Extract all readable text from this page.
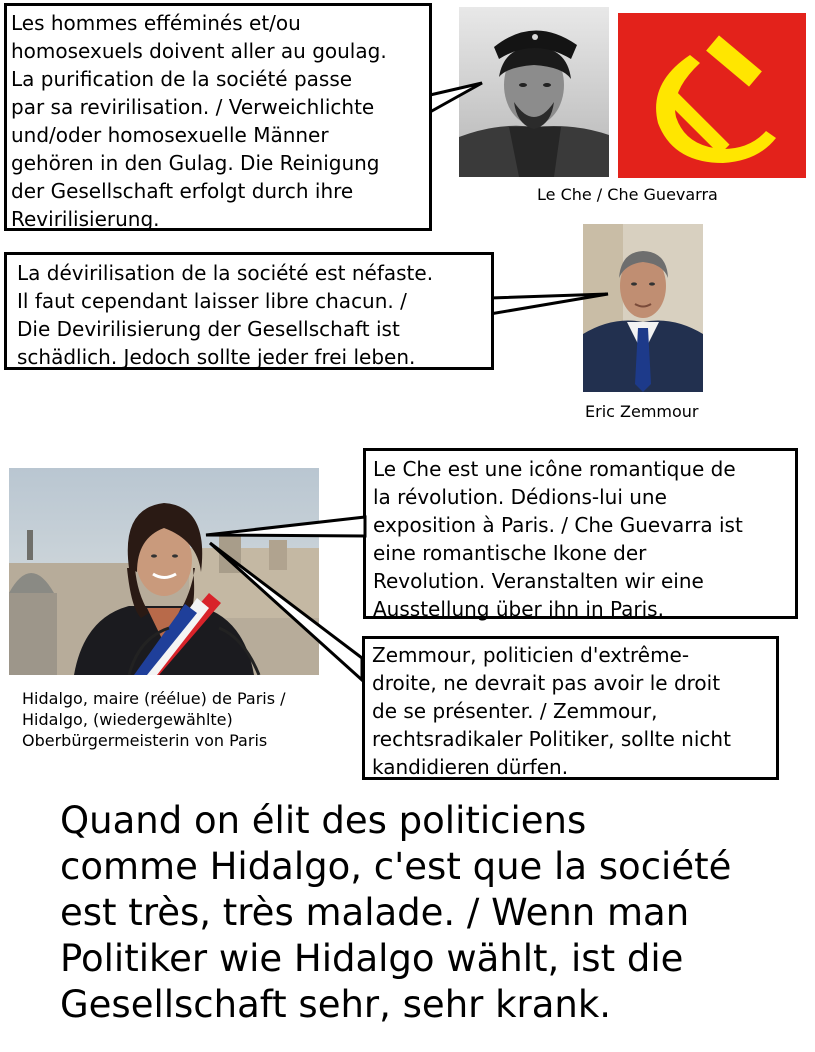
Les hommes efféminés et/ou
homosexuels doivent aller au goulag.
La purification de la société passe
par sa revirilisation. / Verweichlichte
und/oder homosexuelle Männer
gehören in den Gulag. Die Reinigung
der Gesellschaft erfolgt durch ihre
Revirilisierung.
Le Che / Che Guevarra
La dévirilisation de la société est néfaste.
Il faut cependant laisser libre chacun. /
Die Devirilisierung der Gesellschaft ist
schädlich. Jedoch sollte jeder frei leben.
Eric Zemmour
Hidalgo, maire (réélue) de Paris /
Hidalgo, (wiedergewählte)
Oberbürgermeisterin von Paris
Le Che est une icône romantique de
la révolution. Dédions-lui une
exposition à Paris. / Che Guevarra ist
eine romantische Ikone der
Revolution. Veranstalten wir eine
Ausstellung über ihn in Paris.
Zemmour, politicien d'extrême-
droite, ne devrait pas avoir le droit
de se présenter. / Zemmour,
rechtsradikaler Politiker, sollte nicht
kandidieren dürfen.
Quand on élit des politiciens
comme Hidalgo, c'est que la société
est très, très malade. / Wenn man
Politiker wie Hidalgo wählt, ist die
Gesellschaft sehr, sehr krank.
